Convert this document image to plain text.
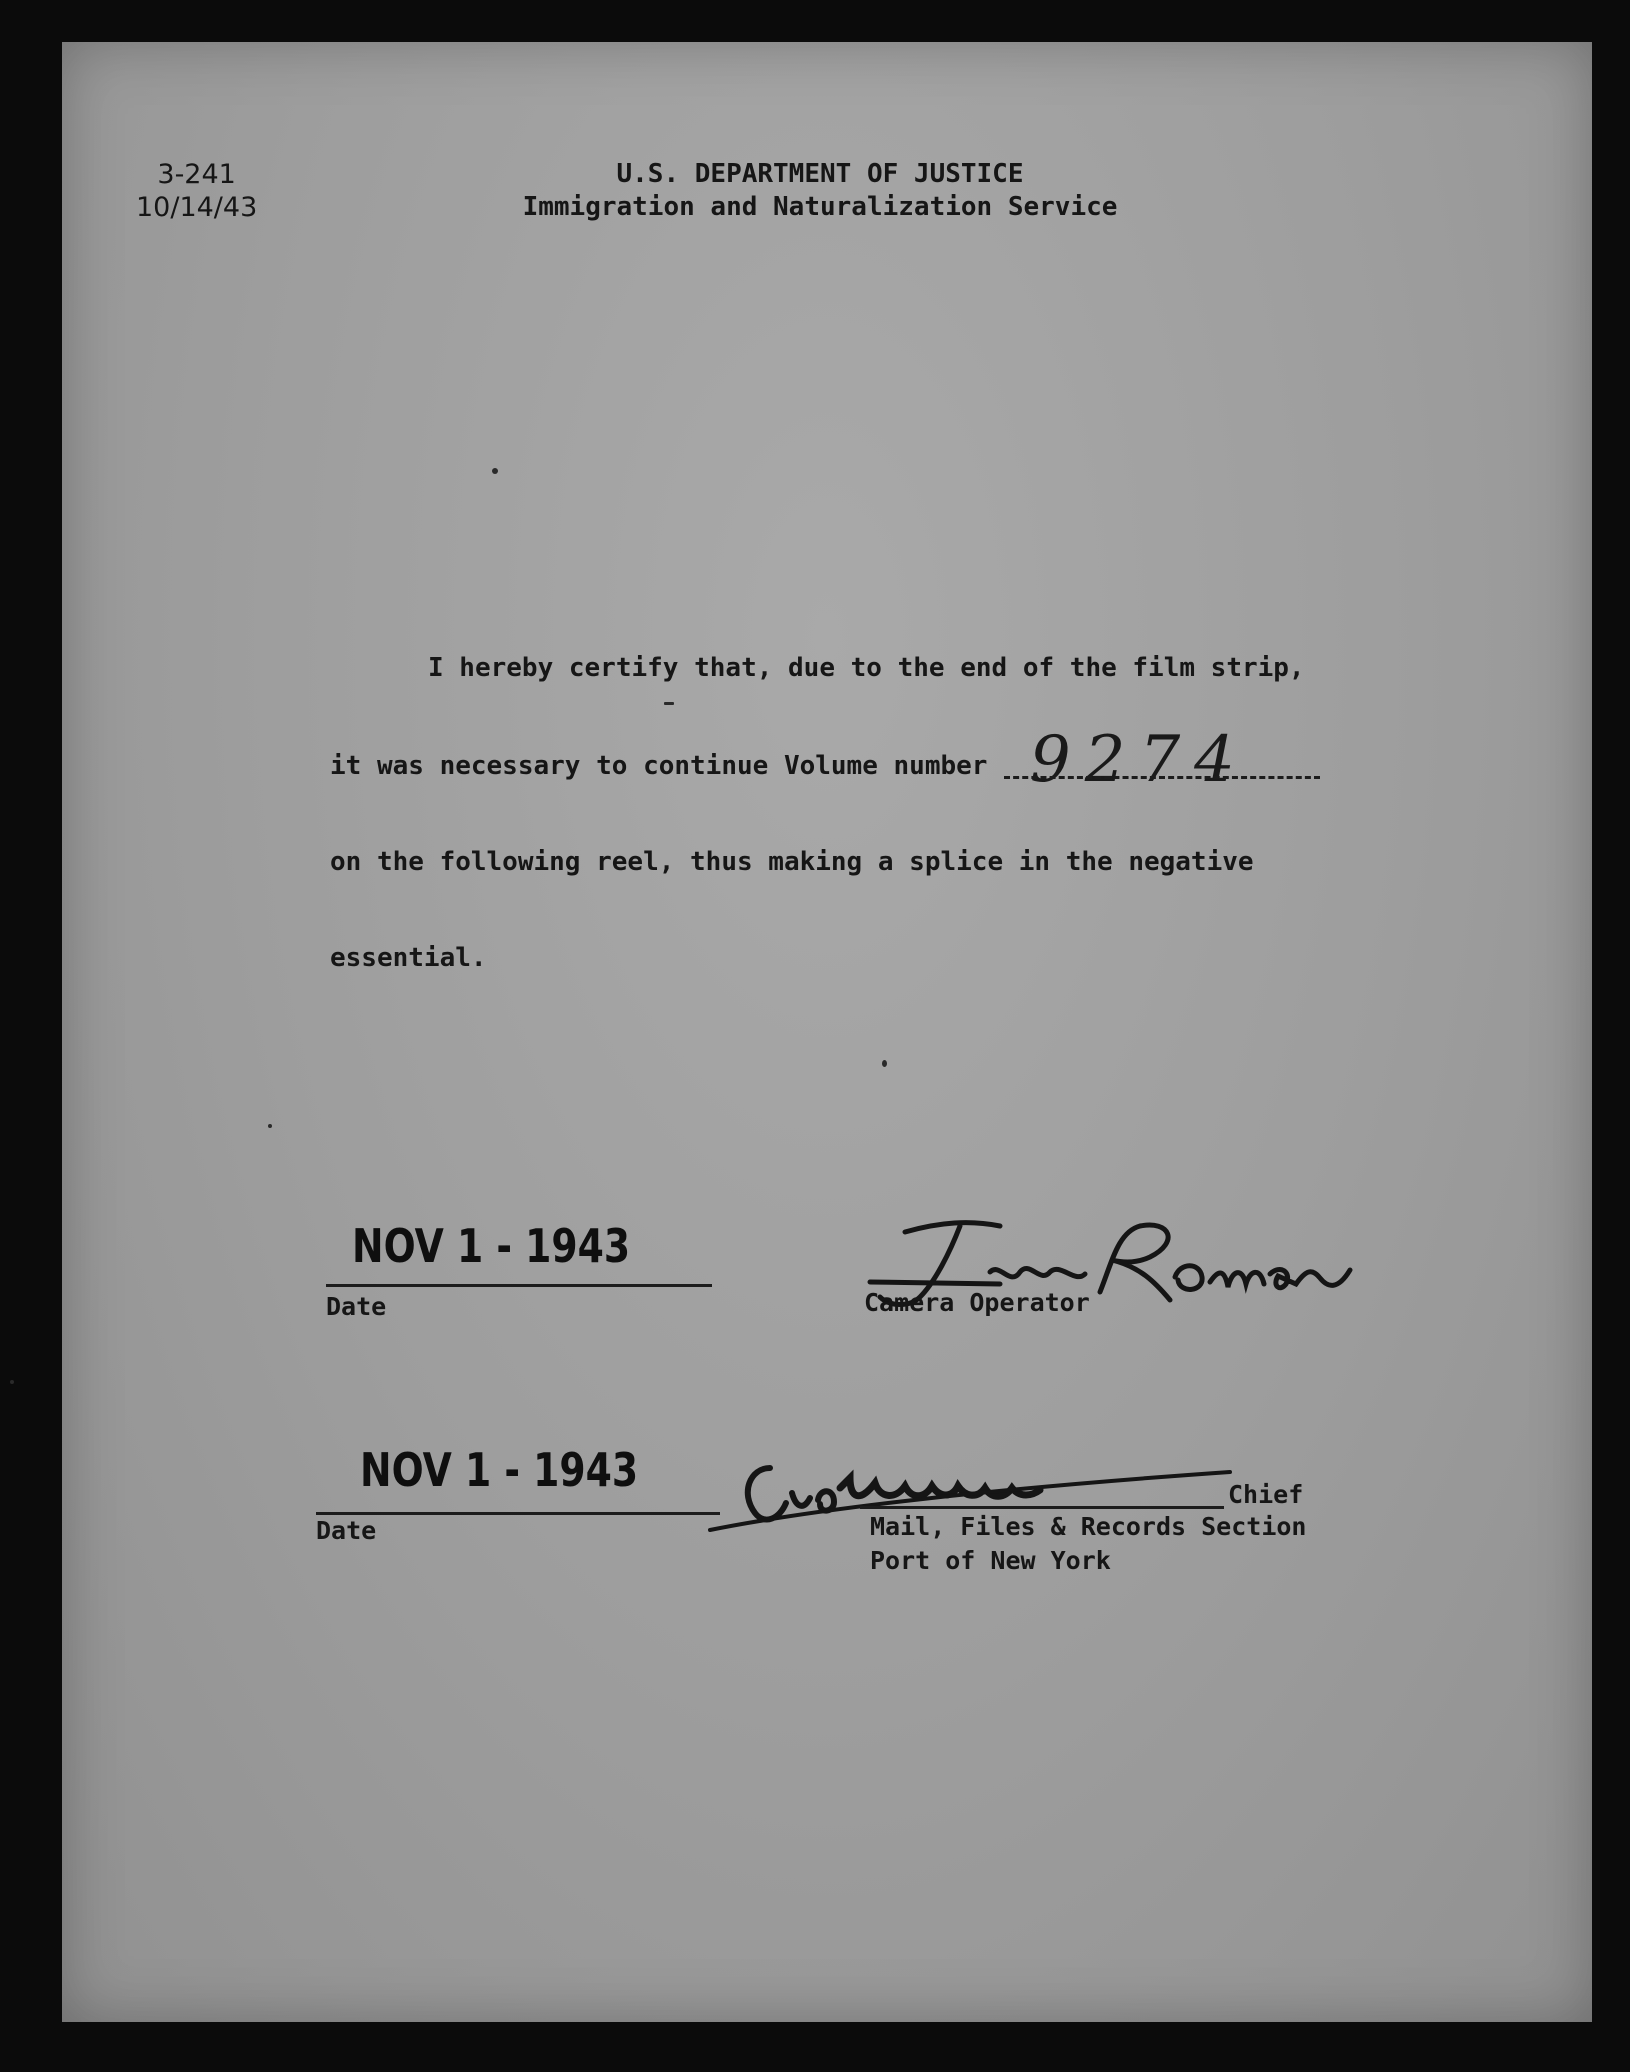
3-241
10/14/43
U.S. DEPARTMENT OF JUSTICE
Immigration and Naturalization Service
I hereby certify that, due to the end of the film strip,
it was necessary to continue Volume number 9274
on the following reel, thus making a splice in the negative
essential.
NOV 1 - 1943
Date	Camera Operator
NOV 1 - 1943
Date
Chief
Mail, Files & Records Section
Port of New York
